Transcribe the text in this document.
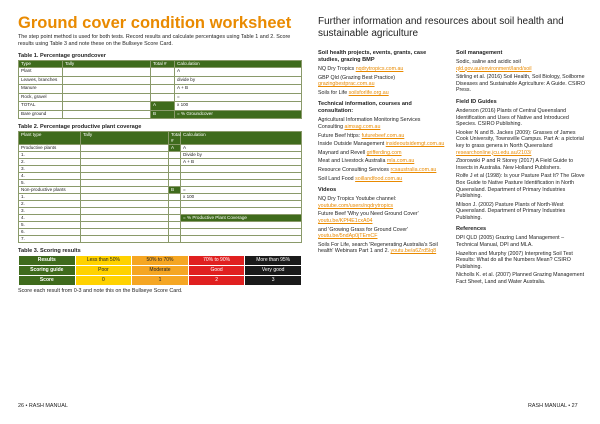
Ground cover condition worksheet

The step point method is used for both tests. Record results and calculate percentages using Table 1 and 2. Score results using Table 3 and note these on the Bullseye Score Card.

Table 1. Percentage groundcover
Type	Tally	Total #	Calculation
Plant			A
Leaves, branches			divide by
Manure			A + B
Rock, gravel			=
TOTAL		A	x 100
Bare ground		B	= % Groundcover
Table 2. Percentage productive plant coverage
Plant type	Tally	Total #	Calculation
Productive plants		A	A
1.			Divide by
2.			A + B
3.			
4.			
5.			
Non-productive plants		B	=
1.			x 100
2.			
3.			
4.			= % Productive Plant Coverage
5.			
6.			
7.			
Table 3. Scoring results
Results	Less than 50%	50% to 70%	70% to 90%	More than 95%
Scoring guide	Poor	Moderate	Good	Very good
Score	0	1	2	3

Score each result from 0-3 and note this on the Bullseye Score Card.

Further information and resources about soil health and sustainable agriculture
Soil health projects, events, grants, case studies, grazing BMP
NQ Dry Tropics nqdrytropics.com.au
GBP Qld (Grazing Best Practice) grazingbestprac.com.au
Soils for Life soilsforlife.org.au
Technical information, courses and consultation:
Agricultural Information Monitoring Services Consulting aimsag.com.au
Future Beef https: futurebeef.com.au
Inside Outside Management insideoutsidemgt.com.au
Maynard and Revell grifferding.com
Meat and Livestock Australia mla.com.au
Resource Consulting Services rcsaustralia.com.au
Soil Land Food soillandfood.com.au
Videos
NQ Dry Tropics Youtube channel: youtube.com/users/nqdrytropics
Future Beef 'Why you Need Ground Cover' youtu.be/KPf4E1cxA04
and 'Growing Grass for Ground Cover' youtu.be/5ndAp0jTEmCF
Soils For Life, search 'Regenerating Australia's Soil health' Webinars Part 1 and 2. youtu.be/a6Zrd5lq8
Soil management
Sodic, saline and acidic soil qld.gov.au/environment/land/soil
Stirling et al. (2016) Soil Health, Soil Biology, Soilborne Diseases and Sustainable Agriculture: A Guide. CSIRO Press.
Field ID Guides
Anderson (2016) Plants of Central Queensland Identification and Uses of Native and Introduced Species. CSIRO Publishing.
Hooker N and B. Jackes (2009): Grasses of James Cook University, Townsville Campus. Part A: a pictorial key to grass genera in North Queensland researchonline.jcu.edu.au/2103/
Zborowski P and R Storey (2017) A Field Guide to Insects in Australia. New Holland Publishers.
Rolfe J et al (1998): Is your Pasture Past It? The Glove Box Guide to Native Pasture Identification in North Queensland. Department of Primary Industries Publishing.
Milson J. (2002) Pasture Plants of North-West Queensland. Department of Primary Industries Publishing.
References
DPI QLD (2005) Grazing Land Management – Technical Manual, DPI and MLA.
Hazelton and Murphy (2007) Interpreting Soil Test Results: What do all the Numbers Mean? CSIRO Publishing.
Nicholls K. et al. (2007) Planned Grazing Management Fact Sheet, Land and Water Australia.
26 • RASH MANUAL	RASH MANUAL • 27
